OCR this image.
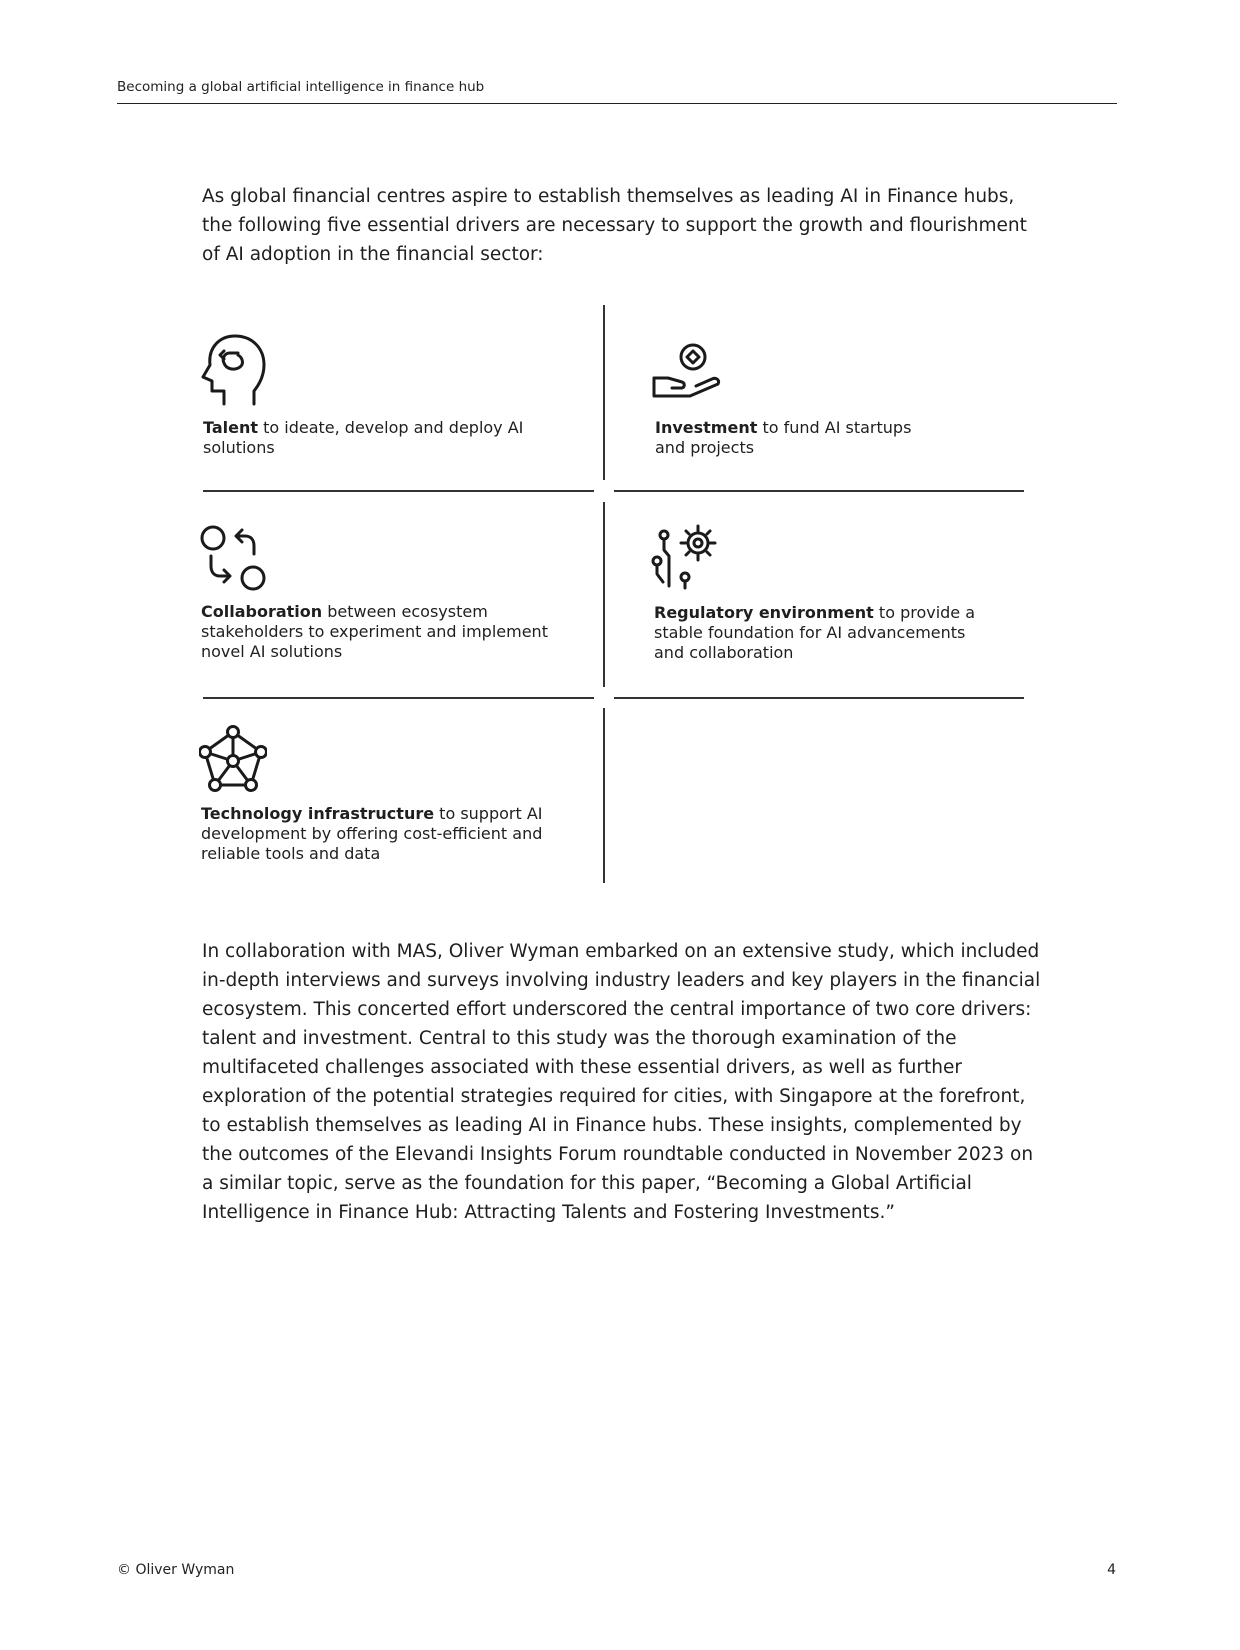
Becoming a global artificial intelligence in finance hub

As global financial centres aspire to establish themselves as leading AI in Finance hubs, the following five essential drivers are necessary to support the growth and flourishment of AI adoption in the financial sector:

Talent to ideate, develop and deploy AI solutions

Investment to fund AI startups and projects

Collaboration between ecosystem stakeholders to experiment and implement novel AI solutions

Regulatory environment to provide a stable foundation for AI advancements and collaboration

Technology infrastructure to support AI development by offering cost-efficient and reliable tools and data

In collaboration with MAS, Oliver Wyman embarked on an extensive study, which included in-depth interviews and surveys involving industry leaders and key players in the financial ecosystem. This concerted effort underscored the central importance of two core drivers: talent and investment. Central to this study was the thorough examination of the multifaceted challenges associated with these essential drivers, as well as further exploration of the potential strategies required for cities, with Singapore at the forefront, to establish themselves as leading AI in Finance hubs. These insights, complemented by the outcomes of the Elevandi Insights Forum roundtable conducted in November 2023 on a similar topic, serve as the foundation for this paper, “Becoming a Global Artificial Intelligence in Finance Hub: Attracting Talents and Fostering Investments.”

© Oliver Wyman	4
